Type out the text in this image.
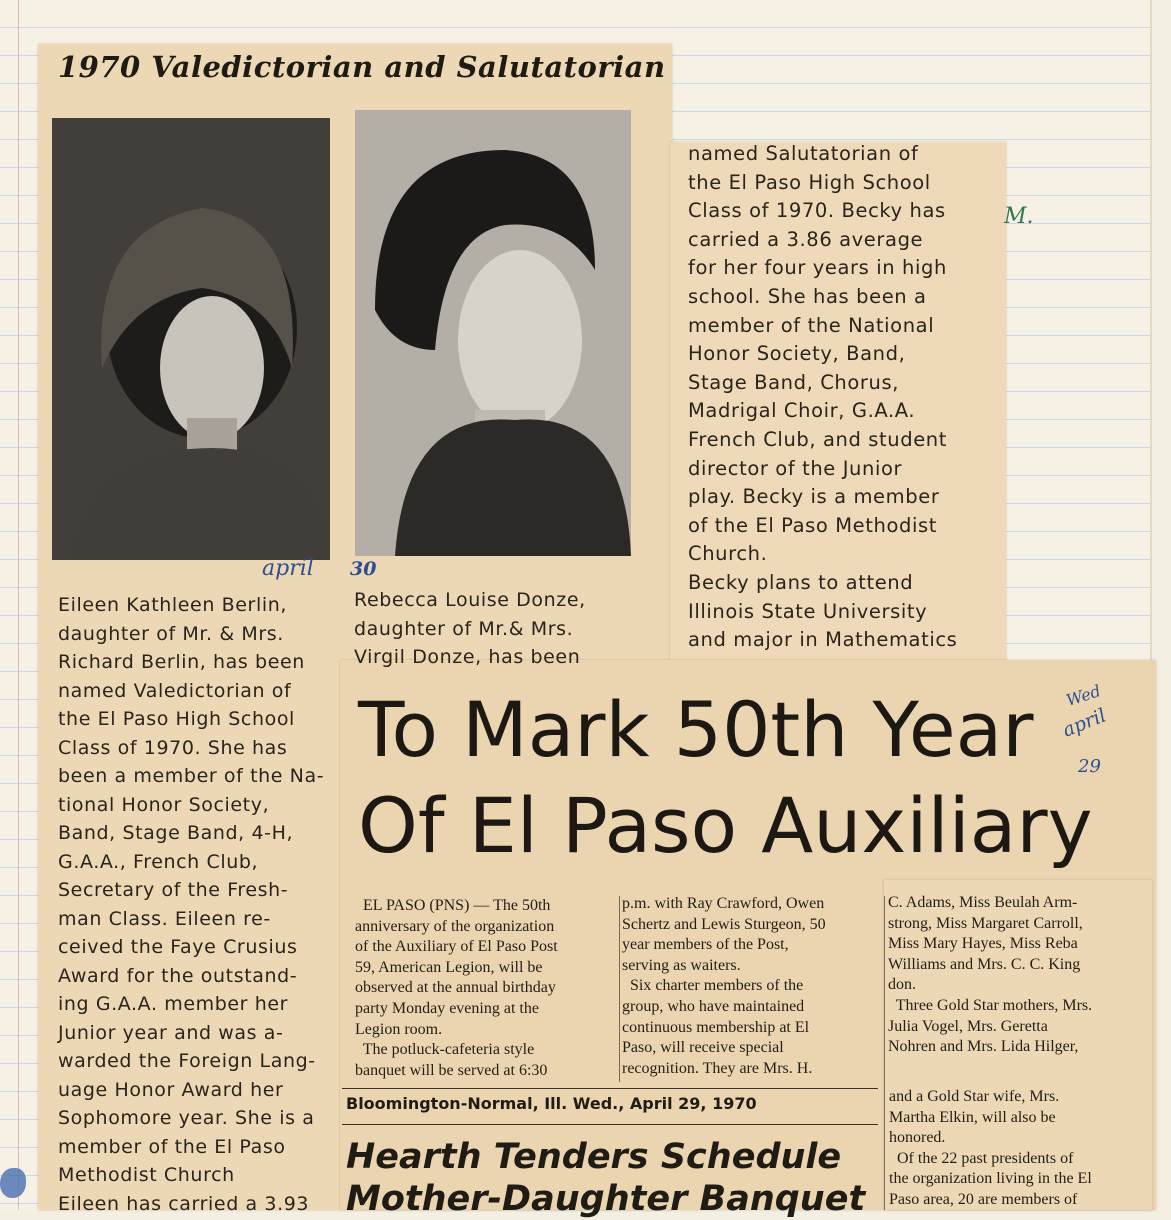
1970 Valedictorian and Salutatorian
april 30
M.
Eileen Kathleen Berlin,
daughter of Mr. & Mrs.
Richard Berlin, has been
named Valedictorian of
the El Paso High School
Class of 1970. She has
been a member of the Na-
tional Honor Society,
Band, Stage Band, 4-H,
G.A.A., French Club,
Secretary of the Fresh-
man Class. Eileen re-
ceived the Faye Crusius
Award for the outstand-
ing G.A.A. member her
Junior year and was a-
warded the Foreign Lang-
uage Honor Award her
Sophomore year. She is a
member of the El Paso
Methodist Church
Eileen has carried a 3.93
Rebecca Louise Donze,
daughter of Mr.& Mrs.
Virgil Donze, has been
named Salutatorian of
the El Paso High School
Class of 1970. Becky has
carried a 3.86 average
for her four years in high
school. She has been a
member of the National
Honor Society, Band,
Stage Band, Chorus,
Madrigal Choir, G.A.A.
French Club, and student
director of the Junior
play. Becky is a member
of the El Paso Methodist
Church.
Becky plans to attend
Illinois State University
and major in Mathematics
To Mark 50th Year
Of El Paso Auxiliary
Wed
april
29
EL PASO (PNS) — The 50th
anniversary of the organization
of the Auxiliary of El Paso Post
59, American Legion, will be
observed at the annual birthday
party Monday evening at the
Legion room.
The potluck-cafeteria style
banquet will be served at 6:30
p.m. with Ray Crawford, Owen
Schertz and Lewis Sturgeon, 50
year members of the Post,
serving as waiters.
Six charter members of the
group, who have maintained
continuous membership at El
Paso, will receive special
recognition. They are Mrs. H.
C. Adams, Miss Beulah Arm-
strong, Miss Margaret Carroll,
Miss Mary Hayes, Miss Reba
Williams and Mrs. C. C. King
don.
Three Gold Star mothers, Mrs.
Julia Vogel, Mrs. Geretta
Nohren and Mrs. Lida Hilger,
and a Gold Star wife, Mrs.
Martha Elkin, will also be
honored.
Of the 22 past presidents of
the organization living in the El
Paso area, 20 are members of
Bloomington-Normal, Ill. Wed., April 29, 1970
Hearth Tenders Schedule
Mother-Daughter Banquet
